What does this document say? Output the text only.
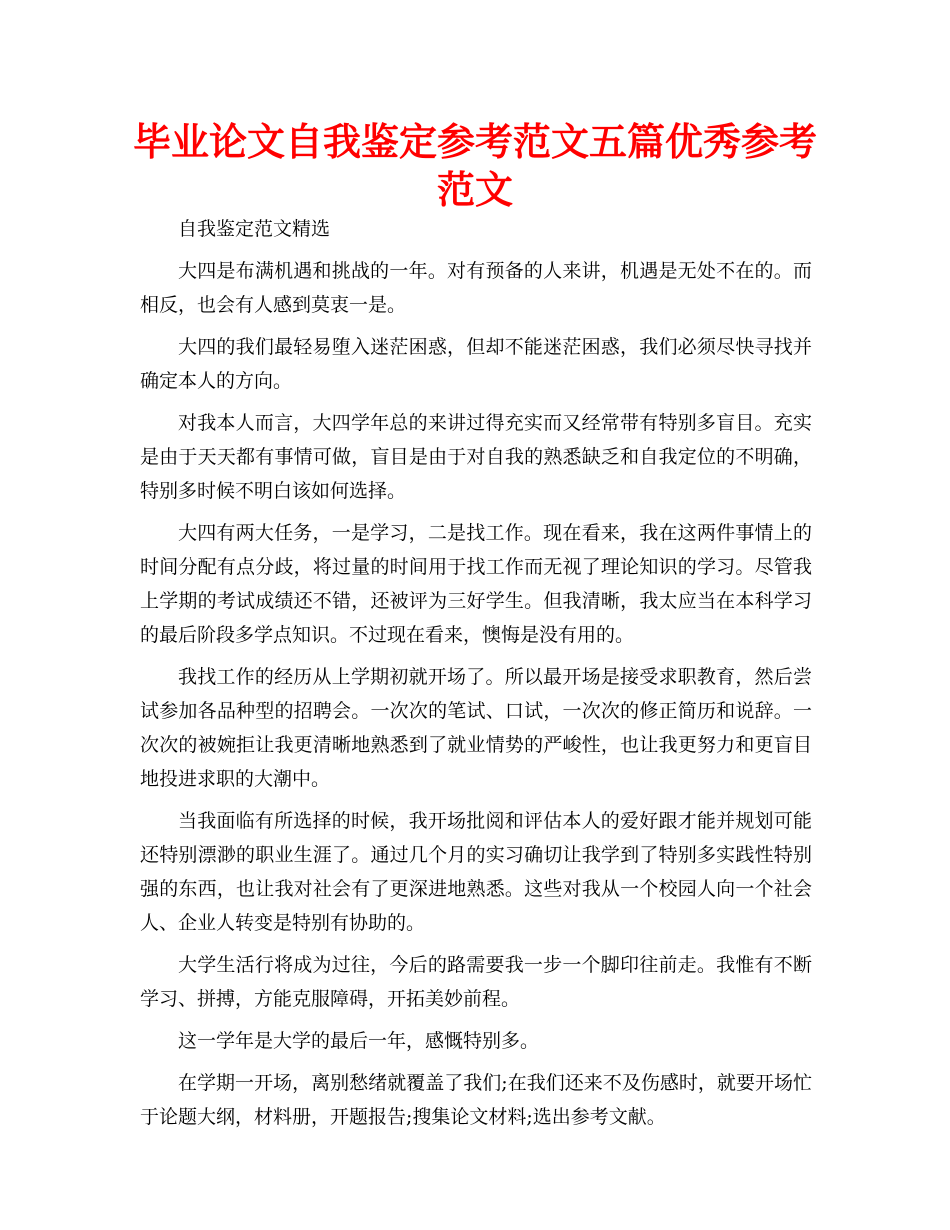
毕业论文自我鉴定参考范文五篇优秀参考范文

自我鉴定范文精选

大四是布满机遇和挑战的一年。对有预备的人来讲，机遇是无处不在的。而相反，也会有人感到莫衷一是。

大四的我们最轻易堕入迷茫困惑，但却不能迷茫困惑，我们必须尽快寻找并确定本人的方向。

对我本人而言，大四学年总的来讲过得充实而又经常带有特别多盲目。充实是由于天天都有事情可做，盲目是由于对自我的熟悉缺乏和自我定位的不明确，特别多时候不明白该如何选择。

大四有两大任务，一是学习，二是找工作。现在看来，我在这两件事情上的时间分配有点分歧，将过量的时间用于找工作而无视了理论知识的学习。尽管我上学期的考试成绩还不错，还被评为三好学生。但我清晰，我太应当在本科学习的最后阶段多学点知识。不过现在看来，懊悔是没有用的。

我找工作的经历从上学期初就开场了。所以最开场是接受求职教育，然后尝试参加各品种型的招聘会。一次次的笔试、口试，一次次的修正简历和说辞。一次次的被婉拒让我更清晰地熟悉到了就业情势的严峻性，也让我更努力和更盲目地投进求职的大潮中。

当我面临有所选择的时候，我开场批阅和评估本人的爱好跟才能并规划可能还特别漂渺的职业生涯了。通过几个月的实习确切让我学到了特别多实践性特别强的东西，也让我对社会有了更深进地熟悉。这些对我从一个校园人向一个社会人、企业人转变是特别有协助的。

大学生活行将成为过往，今后的路需要我一步一个脚印往前走。我惟有不断学习、拼搏，方能克服障碍，开拓美妙前程。

这一学年是大学的最后一年，感慨特别多。

在学期一开场，离别愁绪就覆盖了我们;在我们还来不及伤感时，就要开场忙于论题大纲，材料册，开题报告;搜集论文材料;选出参考文献。
